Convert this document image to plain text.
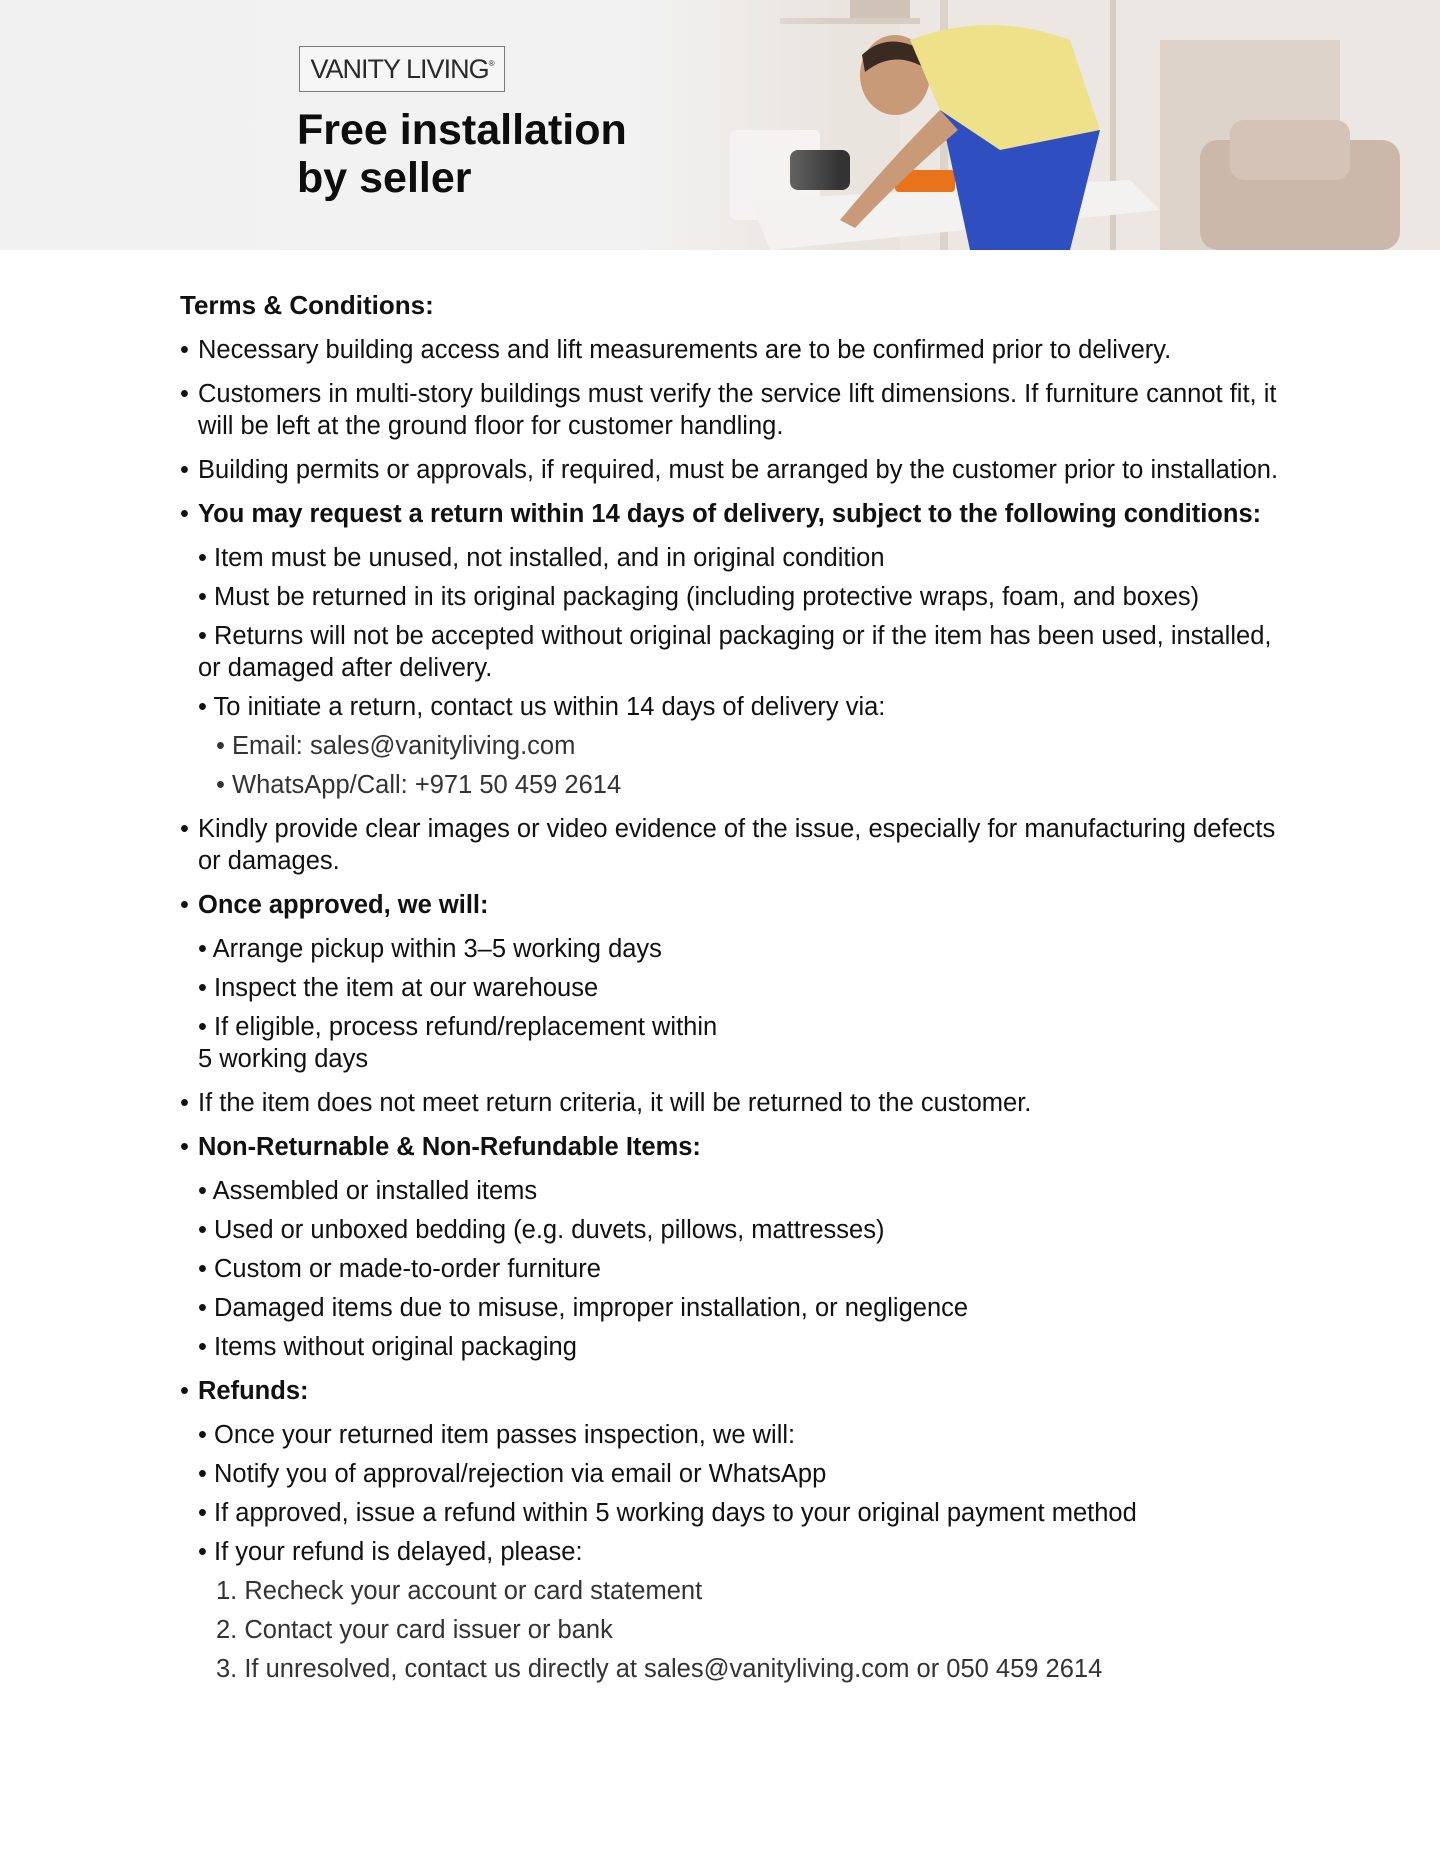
VANITY LIVING®
Free installation
by seller
Terms & Conditions:
• Necessary building access and lift measurements are to be confirmed prior to delivery.
• Customers in multi-story buildings must verify the service lift dimensions. If furniture cannot fit, it will be left at the ground floor for customer handling.
• Building permits or approvals, if required, must be arranged by the customer prior to installation.
• You may request a return within 14 days of delivery, subject to the following conditions:
• Item must be unused, not installed, and in original condition
• Must be returned in its original packaging (including protective wraps, foam, and boxes)
• Returns will not be accepted without original packaging or if the item has been used, installed, or damaged after delivery.
• To initiate a return, contact us within 14 days of delivery via:
• Email: sales@vanityliving.com
• WhatsApp/Call: +971 50 459 2614
• Kindly provide clear images or video evidence of the issue, especially for manufacturing defects or damages.
• Once approved, we will:
• Arrange pickup within 3–5 working days
• Inspect the item at our warehouse
• If eligible, process refund/replacement within 5 working days
• If the item does not meet return criteria, it will be returned to the customer.
• Non-Returnable & Non-Refundable Items:
• Assembled or installed items
• Used or unboxed bedding (e.g. duvets, pillows, mattresses)
• Custom or made-to-order furniture
• Damaged items due to misuse, improper installation, or negligence
• Items without original packaging
• Refunds:
• Once your returned item passes inspection, we will:
• Notify you of approval/rejection via email or WhatsApp
• If approved, issue a refund within 5 working days to your original payment method
• If your refund is delayed, please:
1. Recheck your account or card statement
2. Contact your card issuer or bank
3. If unresolved, contact us directly at sales@vanityliving.com or 050 459 2614
